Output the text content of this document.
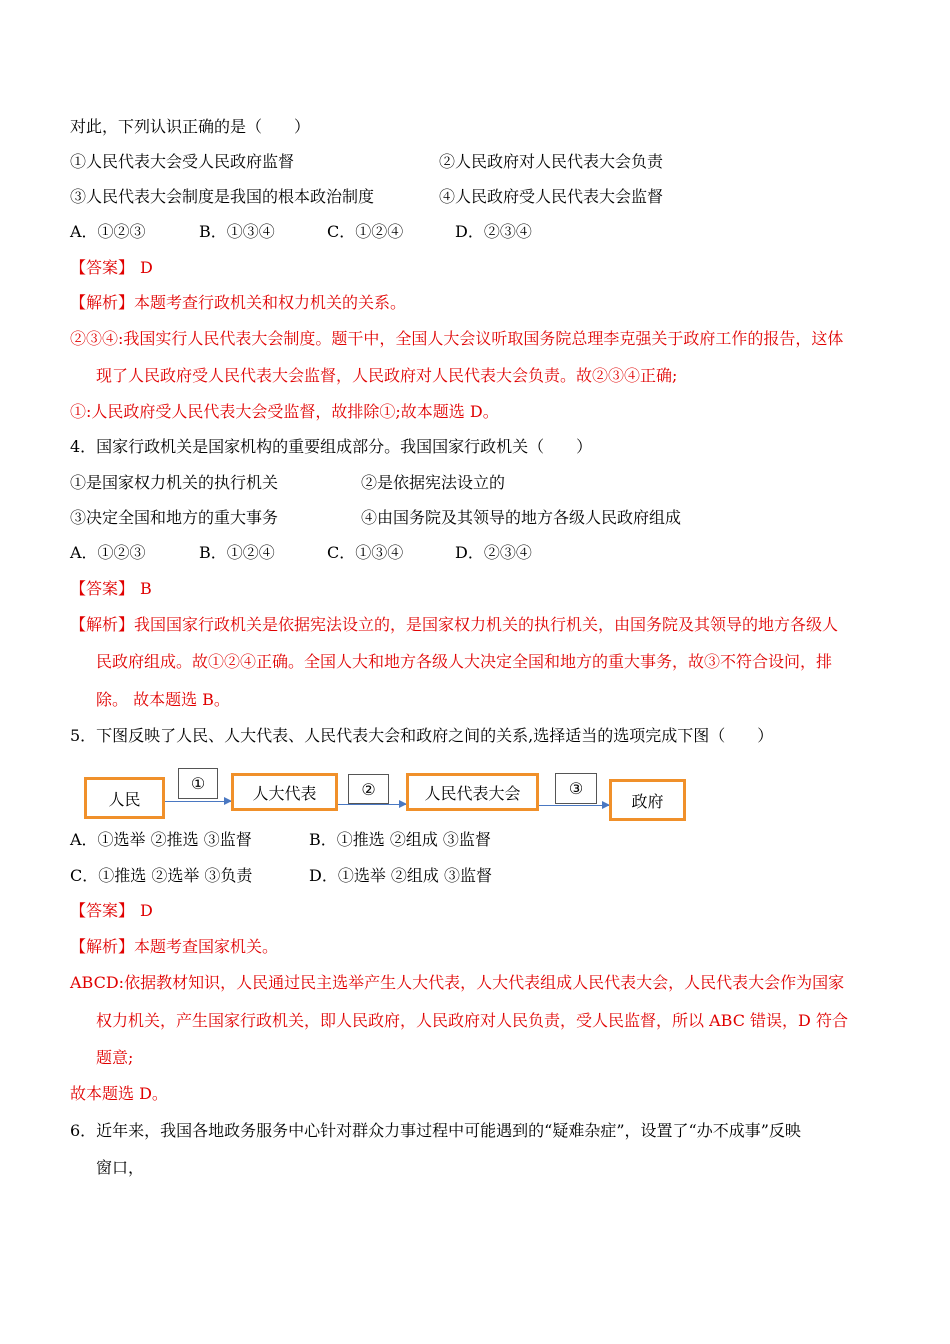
对此，下列认识正确的是（　　）
①人民代表大会受人民政府监督	②人民政府对人民代表大会负责
③人民代表大会制度是我国的根本政治制度	④人民政府受人民代表大会监督
A．①②③	B．①③④	C．①②④	D．②③④
【答案】 D
【解析】本题考查行政机关和权力机关的关系。
②③④:我国实行人民代表大会制度。题干中，全国人大会议听取国务院总理李克强关于政府工作的报告，这体
现了人民政府受人民代表大会监督，人民政府对人民代表大会负责。故②③④正确;
①:人民政府受人民代表大会受监督，故排除①;故本题选 D。
4．国家行政机关是国家机构的重要组成部分。我国国家行政机关（　　）
①是国家权力机关的执行机关	②是依据宪法设立的
③决定全国和地方的重大事务	④由国务院及其领导的地方各级人民政府组成
A．①②③	B．①②④	C．①③④	D．②③④
【答案】 B
【解析】我国国家行政机关是依据宪法设立的，是国家权力机关的执行机关，由国务院及其领导的地方各级人
民政府组成。故①②④正确。全国人大和地方各级人大决定全国和地方的重大事务，故③不符合设问，排
除。 故本题选 B。
5．下图反映了人民、人大代表、人民代表大会和政府之间的关系,选择适当的选项完成下图（　　）
人民
①	人大代表	②	人民代表大会	③
政府
A．①选举 ②推选 ③监督	B．①推选 ②组成 ③监督
C．①推选 ②选举 ③负责	D．①选举 ②组成 ③监督
【答案】 D
【解析】本题考查国家机关。
ABCD:依据教材知识，人民通过民主选举产生人大代表，人大代表组成人民代表大会，人民代表大会作为国家
权力机关，产生国家行政机关，即人民政府，人民政府对人民负责，受人民监督，所以 ABC 错误，D 符合
题意;
故本题选 D。
6．近年来，我国各地政务服务中心针对群众力事过程中可能遇到的“疑难杂症”，设置了“办不成事”反映
窗口，
